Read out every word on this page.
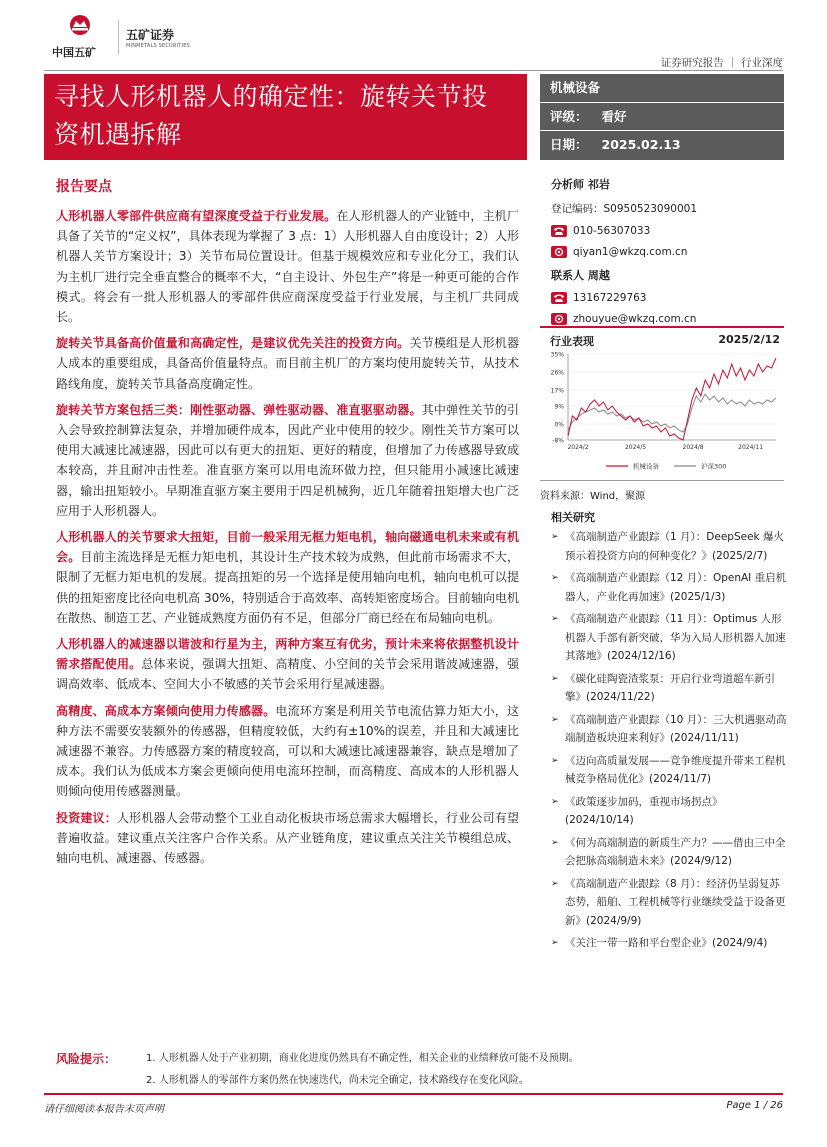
中国五矿
五矿证券
MINMETALS SECURITIES
证券研究报告 ｜ 行业深度
寻找人形机器人的确定性：旋转关节投
资机遇拆解
机械设备
评级： 看好
日期： 2025.02.13
报告要点

人形机器人零部件供应商有望深度受益于行业发展。在人形机器人的产业链中，主机厂具备了关节的“定义权”，具体表现为掌握了 3 点：1）人形机器人自由度设计；2）人形机器人关节方案设计；3）关节布局位置设计。但基于规模效应和专业化分工，我们认为主机厂进行完全垂直整合的概率不大，“自主设计、外包生产”将是一种更可能的合作模式。将会有一批人形机器人的零部件供应商深度受益于行业发展，与主机厂共同成长。

旋转关节具备高价值量和高确定性，是建议优先关注的投资方向。关节模组是人形机器人成本的重要组成，具备高价值量特点。而目前主机厂的方案均使用旋转关节，从技术路线角度，旋转关节具备高度确定性。

旋转关节方案包括三类：刚性驱动器、弹性驱动器、准直驱驱动器。其中弹性关节的引入会导致控制算法复杂，并增加硬件成本，因此产业中使用的较少。刚性关节方案可以使用大减速比减速器，因此可以有更大的扭矩、更好的精度，但增加了力传感器导致成本较高，并且耐冲击性差。准直驱方案可以用电流环做力控，但只能用小减速比减速器，输出扭矩较小。早期准直驱方案主要用于四足机械狗，近几年随着扭矩增大也广泛应用于人形机器人。

人形机器人的关节要求大扭矩，目前一般采用无框力矩电机，轴向磁通电机未来或有机会。目前主流选择是无框力矩电机，其设计生产技术较为成熟，但此前市场需求不大，限制了无框力矩电机的发展。提高扭矩的另一个选择是使用轴向电机，轴向电机可以提供的扭矩密度比径向电机高 30%，特别适合于高效率、高转矩密度场合。目前轴向电机在散热、制造工艺、产业链成熟度方面仍有不足，但部分厂商已经在布局轴向电机。

人形机器人的减速器以谐波和行星为主，两种方案互有优劣，预计未来将依据整机设计需求搭配使用。总体来说，强调大扭矩、高精度、小空间的关节会采用谐波减速器，强调高效率、低成本、空间大小不敏感的关节会采用行星减速器。

高精度、高成本方案倾向使用力传感器。电流环方案是利用关节电流估算力矩大小，这种方法不需要安装额外的传感器，但精度较低，大约有±10%的误差，并且和大减速比减速器不兼容。力传感器方案的精度较高，可以和大减速比减速器兼容，缺点是增加了成本。我们认为低成本方案会更倾向使用电流环控制，而高精度、高成本的人形机器人则倾向使用传感器测量。

投资建议：人形机器人会带动整个工业自动化板块市场总需求大幅增长，行业公司有望普遍收益。建议重点关注客户合作关系。从产业链角度，建议重点关注关节模组总成、轴向电机、减速器、传感器。

分析师 祁岩
登记编码：S0950523090001
010-56307033
qiyan1@wkzq.com.cn
联系人 周越
13167229763
zhouyue@wkzq.com.cn
行业表现	2025/2/12
35%
26%
17%
9%
0%
-8%
2024/2	2024/5	2024/8	2024/11
机械设备	沪深300
资料来源：Wind，聚源
相关研究
➢ 《高端制造产业跟踪（1 月）：DeepSeek 爆火预示着投资方向的何种变化？》(2025/2/7)
➢ 《高端制造产业跟踪（12 月）：OpenAI 重启机器人，产业化再加速》(2025/1/3)
➢ 《高端制造产业跟踪（11 月）：Optimus 人形机器人手部有新突破，华为入局人形机器人加速其落地》(2024/12/16)
➢ 《碳化硅陶瓷渣浆泵：开启行业弯道超车新引擎》(2024/11/22)
➢ 《高端制造产业跟踪（10 月）：三大机遇驱动高端制造板块迎来利好》(2024/11/11)
➢ 《迈向高质量发展——竞争维度提升带来工程机械竞争格局优化》(2024/11/7)
➢ 《政策逐步加码，重视市场拐点》(2024/10/14)
➢ 《何为高端制造的新质生产力？——借由三中全会把脉高端制造未来》(2024/9/12)
➢ 《高端制造产业跟踪（8 月）：经济仍呈弱复苏态势，船舶、工程机械等行业继续受益于设备更新》(2024/9/9)
➢ 《关注一带一路和平台型企业》(2024/9/4)
风险提示：	1. 人形机器人处于产业初期，商业化进度仍然具有不确定性，相关企业的业绩释放可能不及预期。
2. 人形机器人的零部件方案仍然在快速迭代，尚未完全确定，技术路线存在变化风险。
请仔细阅读本报告末页声明	Page 1 / 26
